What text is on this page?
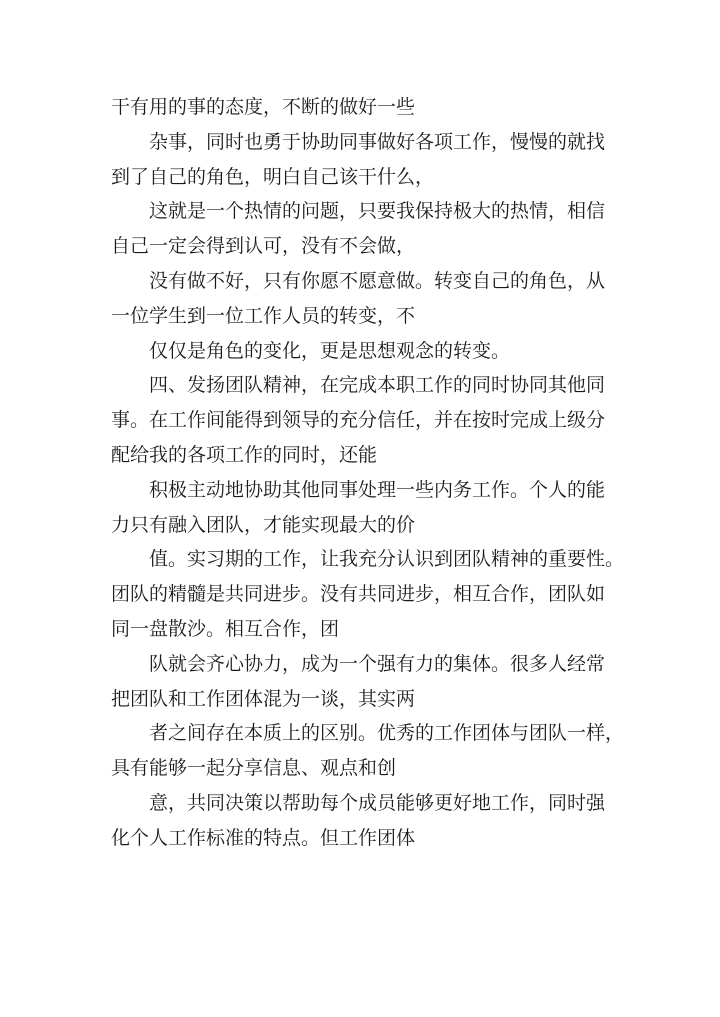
干有用的事的态度，不断的做好一些
杂事，同时也勇于协助同事做好各项工作，慢慢的就找
到了自己的角色，明白自己该干什么，
这就是一个热情的问题，只要我保持极大的热情，相信
自己一定会得到认可，没有不会做，
没有做不好，只有你愿不愿意做。转变自己的角色，从
一位学生到一位工作人员的转变，不
仅仅是角色的变化，更是思想观念的转变。
四、发扬团队精神，在完成本职工作的同时协同其他同
事。在工作间能得到领导的充分信任，并在按时完成上级分
配给我的各项工作的同时，还能
积极主动地协助其他同事处理一些内务工作。个人的能
力只有融入团队，才能实现最大的价
值。实习期的工作，让我充分认识到团队精神的重要性。
团队的精髓是共同进步。没有共同进步，相互合作，团队如
同一盘散沙。相互合作，团
队就会齐心协力，成为一个强有力的集体。很多人经常
把团队和工作团体混为一谈，其实两
者之间存在本质上的区别。优秀的工作团体与团队一样，
具有能够一起分享信息、观点和创
意，共同决策以帮助每个成员能够更好地工作，同时强
化个人工作标准的特点。但工作团体
